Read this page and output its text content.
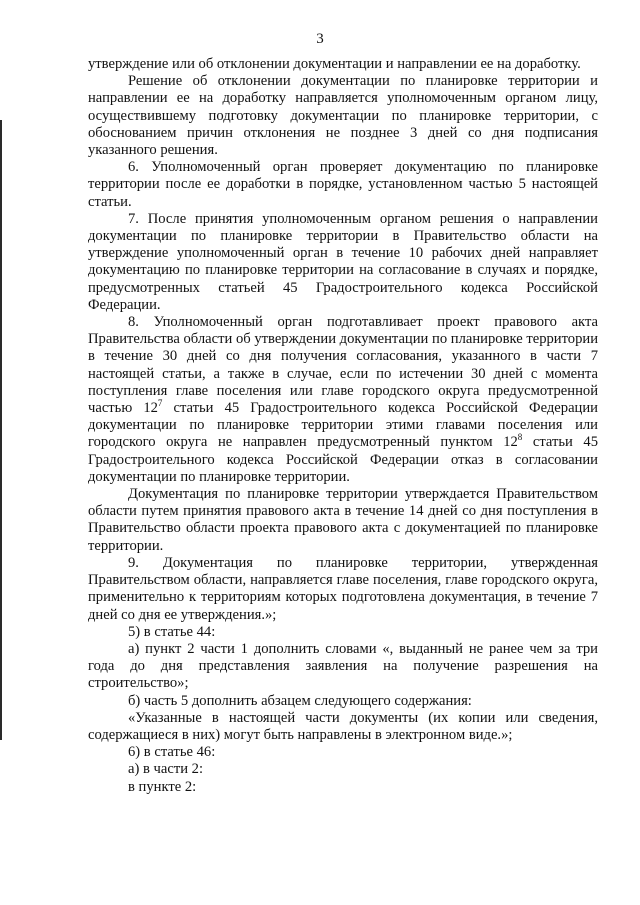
3

утверждение или об отклонении документации и направлении ее на доработку.

Решение об отклонении документации по планировке территории и направлении ее на доработку направляется уполномоченным органом лицу, осуществившему подготовку документации по планировке территории, с обоснованием причин отклонения не позднее 3 дней со дня подписания указанного решения.

6. Уполномоченный орган проверяет документацию по планировке территории после ее доработки в порядке, установленном частью 5 настоящей статьи.

7. После принятия уполномоченным органом решения о направлении документации по планировке территории в Правительство области на утверждение уполномоченный орган в течение 10 рабочих дней направляет документацию по планировке территории на согласование в случаях и порядке, предусмотренных статьей 45 Градостроительного кодекса Российской Федерации.

8. Уполномоченный орган подготавливает проект правового акта Правительства области об утверждении документации по планировке территории в течение 30 дней со дня получения согласования, указанного в части 7 настоящей статьи, а также в случае, если по истечении 30 дней с момента поступления главе поселения или главе городского округа предусмотренной частью $12^7$ статьи 45 Градостроительного кодекса Российской Федерации документации по планировке территории этими главами поселения или городского округа не направлен предусмотренный пунктом $12^8$ статьи 45 Градостроительного кодекса Российской Федерации отказ в согласовании документации по планировке территории.

Документация по планировке территории утверждается Правительством области путем принятия правового акта в течение 14 дней со дня поступления в Правительство области проекта правового акта с документацией по планировке территории.

9. Документация по планировке территории, утвержденная Правительством области, направляется главе поселения, главе городского округа, применительно к территориям которых подготовлена документация, в течение 7 дней со дня ее утверждения.»;

5) в статье 44:

а) пункт 2 части 1 дополнить словами «, выданный не ранее чем за три года до дня представления заявления на получение разрешения на строительство»;

б) часть 5 дополнить абзацем следующего содержания:

«Указанные в настоящей части документы (их копии или сведения, содержащиеся в них) могут быть направлены в электронном виде.»;

6) в статье 46:

а) в части 2:

в пункте 2:
